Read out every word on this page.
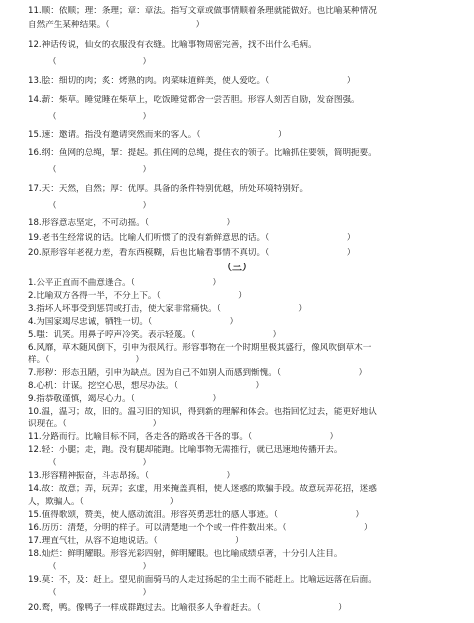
11.顺：依顺；理：条理；章：章法。指写文章或做事情顺着条理就能做好。也比喻某种情况
自然产生某种结果。（　　　　　　　　　　）
12.神话传说，仙女的衣服没有衣缝。比喻事物周密完善，找不出什么毛病。
（　　　　　　　　　　）
13.脍：细切的肉；炙：烤熟的肉。肉菜味道鲜美，使人爱吃。（　　　　　　　　　）
14.薪：柴草。睡觉睡在柴草上，吃饭睡觉都舍一尝苦胆。形容人刻苦自励，发奋图强。
（　　　　　　　　　　）
15.速：邀请。指没有邀请突然而来的客人。（　　　　　　　　　）
16.纲：鱼网的总绳，挈：提起。抓住网的总绳，提住衣的领子。比喻抓住要领，简明扼要。
（　　　　　　　　　　）
17.天：天然，自然；厚：优厚。具备的条件特别优越，所处环境特别好。
（　　　　　　　　　　）
18.形容意志坚定，不可动摇。（　　　　　　　　　）
19.老书生经常说的话。比喻人们听惯了的没有新鲜意思的话。（　　　　　　　　　）
20.原形容年老视力差，看东西模糊，后也比喻看事情不真切。（　　　　　　　　　）
（三）
1.公平正直而不曲意逢合。（　　　　　　　　　）
2.比喻双方各得一半，不分上下。（　　　　　　　　　）
3.指坏人坏事受到惩罚或打击，使大家非常痛快。（　　　　　　　　　）
4.为国家竭尽忠诚，牺牲一切。（　　　　　　　　　）
5.嗤：讥笑。用鼻子哼声冷笑。表示轻蔑。（　　　　　　　　　）
6.风靡，草木随风倒下，引申为很风行。形容事物在一个时期里极其盛行，像风吹倒草木一
样。（　　　　　　　　　　）
7.形秽：形态丑陋，引申为缺点。因为自己不如别人而感到惭愧。（　　　　　　　　　）
8.心机：计谋。挖空心思，想尽办法。（　　　　　　　　　）
9.指恭敬谨慎，竭尽心力。（　　　　　　　　　）
10.温，温习；故，旧的。温习旧的知识，得到新的理解和体会。也指回忆过去，能更好地认
识现在。（　　　　　　　　　　）
11.分路而行。比喻目标不同，各走各的路或各干各的事。（　　　　　　　　　）
12.轻：小腿；走，跑。没有腿却能跑。比喻事物无需推行，就已迅速地传播开去。
（　　　　　　　　　　）
13.形容精神振奋，斗志昂扬。（　　　　　　　　　）
14.故：故意；弄，玩弄；玄虚，用来掩盖真相，使人迷惑的欺骗手段。故意玩弄花招，迷惑
人，欺骗人。（　　　　　　　　　　）
15.值得歌颂，赞美，使人感动流泪。形容英勇悲壮的感人事迹。（　　　　　　　　　）
16.历历：清楚，分明的样子。可以清楚地一个个或一件件数出来。（　　　　　　　　　）
17.理直气壮，从容不迫地说话。（　　　　　　　　　）
18.灿烂：鲜明耀眼。形容光彩四射，鲜明耀眼。也比喻成绩卓著，十分引人注目。
（　　　　　　　　　　）
19.莫：不，及：赶上。望见前面骑马的人走过扬起的尘土而不能赶上。比喻远远落在后面。
（　　　　　　　　　　）
20.鹜，鸭。像鸭子一样成群跑过去。比喻很多人争着赶去。（　　　　　　　　　）
